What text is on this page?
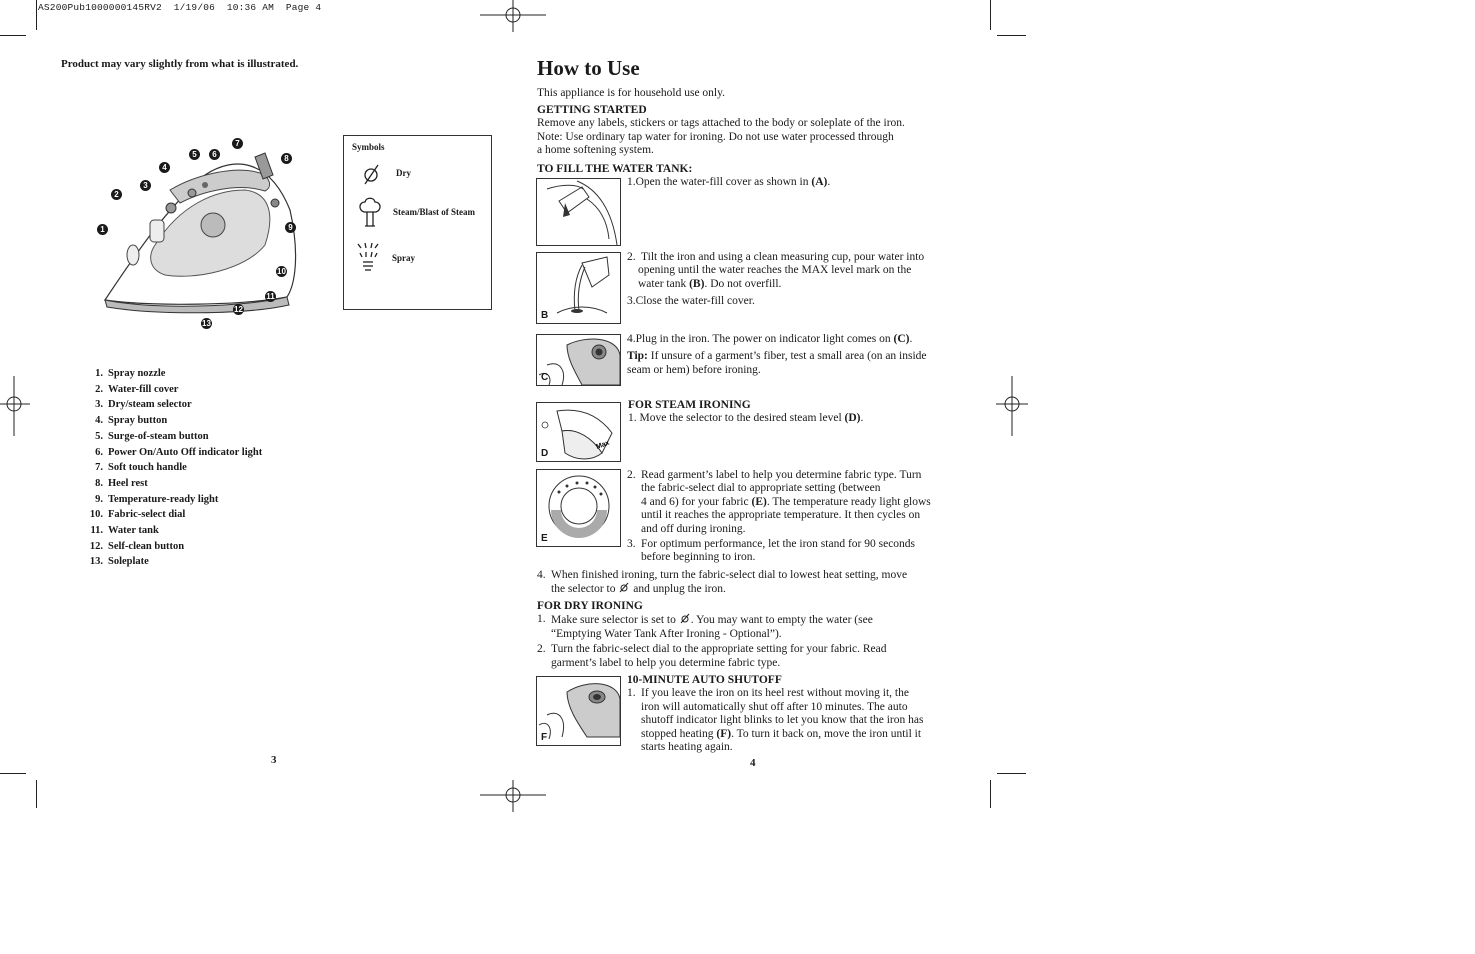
AS200Pub1000000145RV2  1/19/06  10:36 AM  Page 4
Product may vary slightly from what is illustrated.
1
2
3
4
5	6
7
8
9
10
11
12
13
Symbols
Dry
Steam/Blast of Steam
Spray
1. Spray nozzle
2. Water-fill cover
3. Dry/steam selector
4. Spray button
5. Surge-of-steam button
6. Power On/Auto Off indicator light
7. Soft touch handle
8. Heel rest
9. Temperature-ready light
10. Fabric-select dial
11. Water tank
12. Self-clean button
13. Soleplate
3
How to Use
This appliance is for household use only.
GETTING STARTED
Remove any labels, stickers or tags attached to the body or soleplate of the iron.
Note: Use ordinary tap water for ironing. Do not use water processed through
a home softening system.
TO FILL THE WATER TANK:
1.Open the water-fill cover as shown in (A).
B
2. Tilt the iron and using a clean measuring cup, pour water into
opening until the water reaches the MAX level mark on the
water tank (B). Do not overfill.
3.Close the water-fill cover.
C
4.Plug in the iron. The power on indicator light comes on (C).
Tip: If unsure of a garment’s fiber, test a small area (on an inside
seam or hem) before ironing.
Max
D
FOR STEAM IRONING
1. Move the selector to the desired steam level (D).
E
2. Read garment’s label to help you determine fabric type. Turn
the fabric-select dial to appropriate setting (between
4 and 6) for your fabric (E). The temperature ready light glows
until it reaches the appropriate temperature. It then cycles on
and off during ironing.
3. For optimum performance, let the iron stand for 90 seconds
before beginning to iron.
4. When finished ironing, turn the fabric-select dial to lowest heat setting, move
the selector to  and unplug the iron.
FOR DRY IRONING
1. Make sure selector is set to . You may want to empty the water (see
“Emptying Water Tank After Ironing - Optional”).
2. Turn the fabric-select dial to the appropriate setting for your fabric. Read
garment’s label to help you determine fabric type.
F
10-MINUTE AUTO SHUTOFF
1. If you leave the iron on its heel rest without moving it, the
iron will automatically shut off after 10 minutes. The auto
shutoff indicator light blinks to let you know that the iron has
stopped heating (F). To turn it back on, move the iron until it
starts heating again.
4
